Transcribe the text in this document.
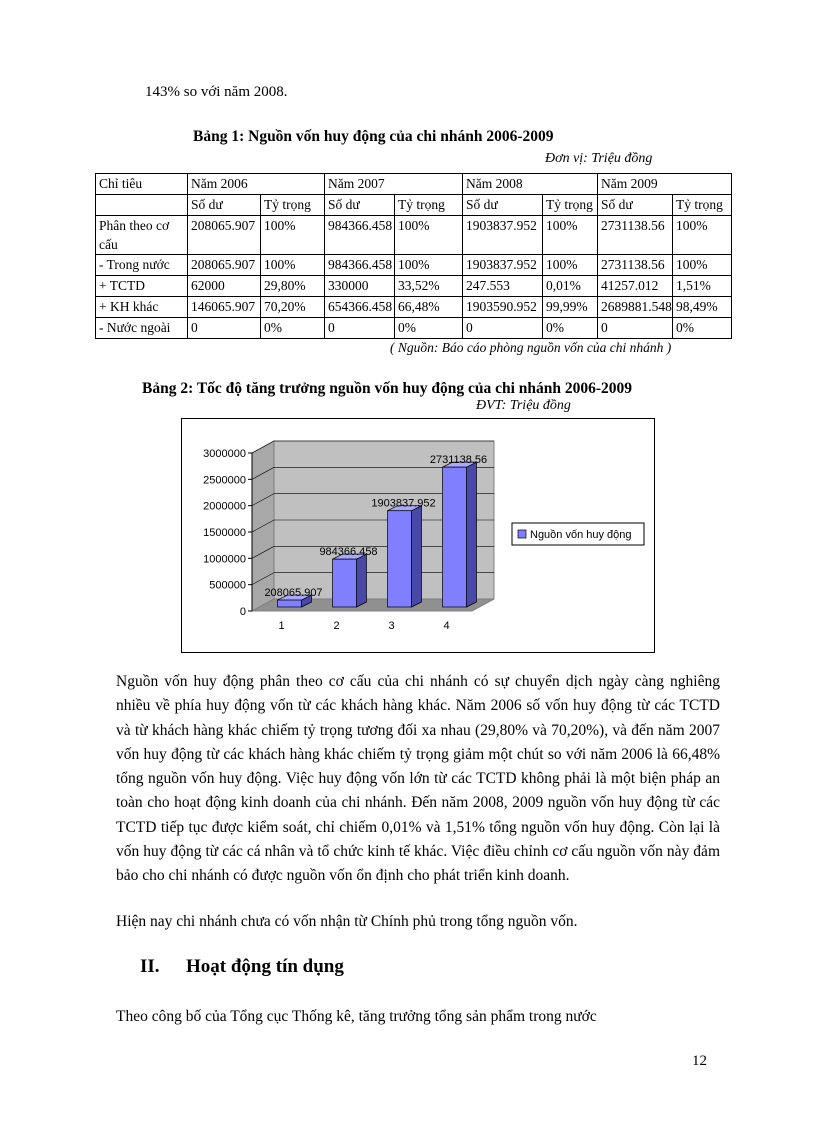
143% so với năm 2008.
Bảng 1: Nguồn vốn huy động của chi nhánh 2006-2009
Đơn vị: Triệu đồng
Chỉ tiêu	Năm 2006		Năm 2007		Năm 2008		Năm 2009	
	Số dư	Tỷ trọng	Số dư	Tỷ trọng	Số dư	Tỷ trọng	Số dư	Tỷ trọng
Phân theo cơ cấu	208065.907	100%	984366.458	100%	1903837.952	100%	2731138.56	100%
- Trong nước	208065.907	100%	984366.458	100%	1903837.952	100%	2731138.56	100%
+ TCTD	62000	29,80%	330000	33,52%	247.553	0,01%	41257.012	1,51%
+ KH khác	146065.907	70,20%	654366.458	66,48%	1903590.952	99,99%	2689881.548	98,49%
- Nước ngoài	0	0%	0	0%	0	0%	0	0%
( Nguồn: Báo cáo phòng nguồn vốn của chi nhánh )
Bảng 2: Tốc độ tăng trưởng nguồn vốn huy động của chi nhánh 2006-2009
ĐVT: Triệu đồng
0
500000
1000000
1500000
2000000
2500000
3000000
208065.907
1
984366.458
2
1903837.952
3
2731138.56
4
Nguồn vốn huy động
Nguồn vốn huy động phân theo cơ cấu của chi nhánh có sự chuyển dịch ngày càng nghiêng nhiều về phía huy động vốn từ các khách hàng khác. Năm 2006 số vốn huy động từ các TCTD và từ khách hàng khác chiếm tỷ trọng tương đối xa nhau (29,80% và 70,20%), và đến năm 2007 vốn huy động từ các khách hàng khác chiếm tỷ trọng giảm một chút so với năm 2006 là 66,48% tổng nguồn vốn huy động. Việc huy động vốn lớn từ các TCTD không phải là một biện pháp an toàn cho hoạt động kinh doanh của chi nhánh. Đến năm 2008, 2009 nguồn vốn huy động từ các TCTD tiếp tục được kiểm soát, chỉ chiếm 0,01% và 1,51% tổng nguồn vốn huy động. Còn lại là vốn huy động từ các cá nhân và tổ chức kinh tế khác. Việc điều chỉnh cơ cấu nguồn vốn này đảm bảo cho chi nhánh có được nguồn vốn ổn định cho phát triển kinh doanh.
Hiện nay chi nhánh chưa có vốn nhận từ Chính phủ trong tổng nguồn vốn.
II. Hoạt động tín dụng
Theo công bố của Tổng cục Thống kê, tăng trưởng tổng sản phẩm trong nước
12
